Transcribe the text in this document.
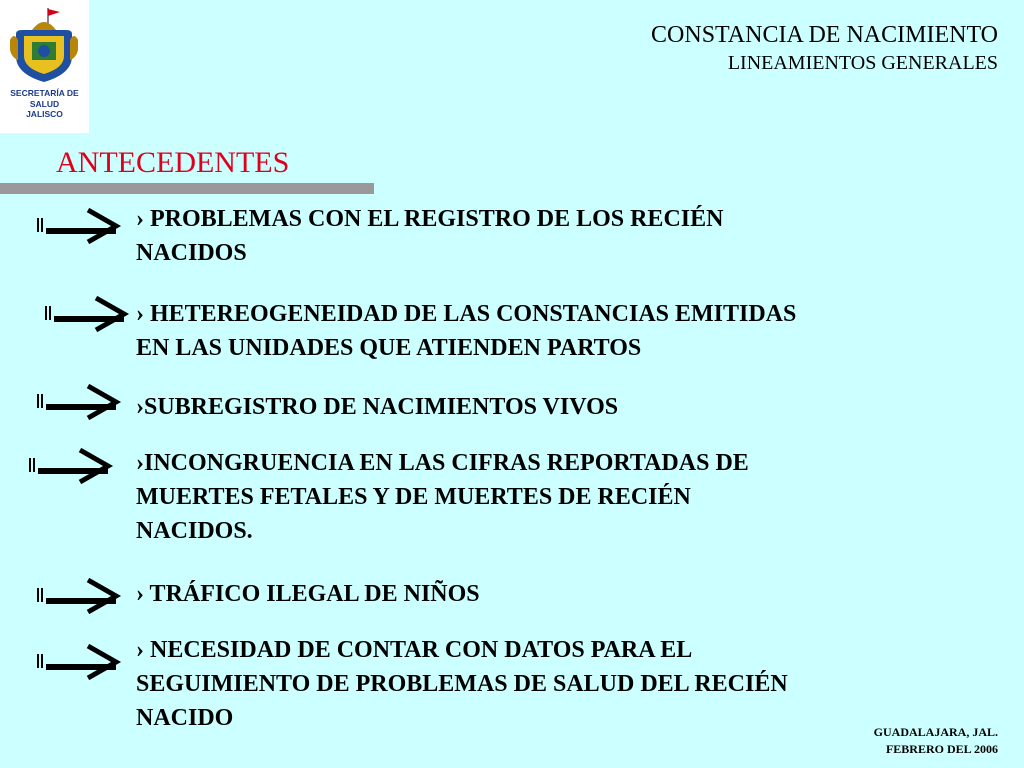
SECRETARÍA DE
SALUD
JALISCO
CONSTANCIA DE NACIMIENTO
LINEAMIENTOS GENERALES
ANTECEDENTES
› PROBLEMAS CON EL REGISTRO DE LOS RECIÉN
NACIDOS
› HETEREOGENEIDAD DE LAS CONSTANCIAS EMITIDAS
EN LAS UNIDADES QUE ATIENDEN PARTOS
›SUBREGISTRO DE NACIMIENTOS VIVOS
›INCONGRUENCIA EN LAS CIFRAS REPORTADAS DE
MUERTES FETALES Y DE MUERTES DE RECIÉN
NACIDOS.
› TRÁFICO ILEGAL DE NIÑOS
› NECESIDAD DE CONTAR CON DATOS PARA EL
SEGUIMIENTO DE PROBLEMAS DE SALUD DEL RECIÉN
NACIDO
GUADALAJARA, JAL.
FEBRERO DEL 2006
